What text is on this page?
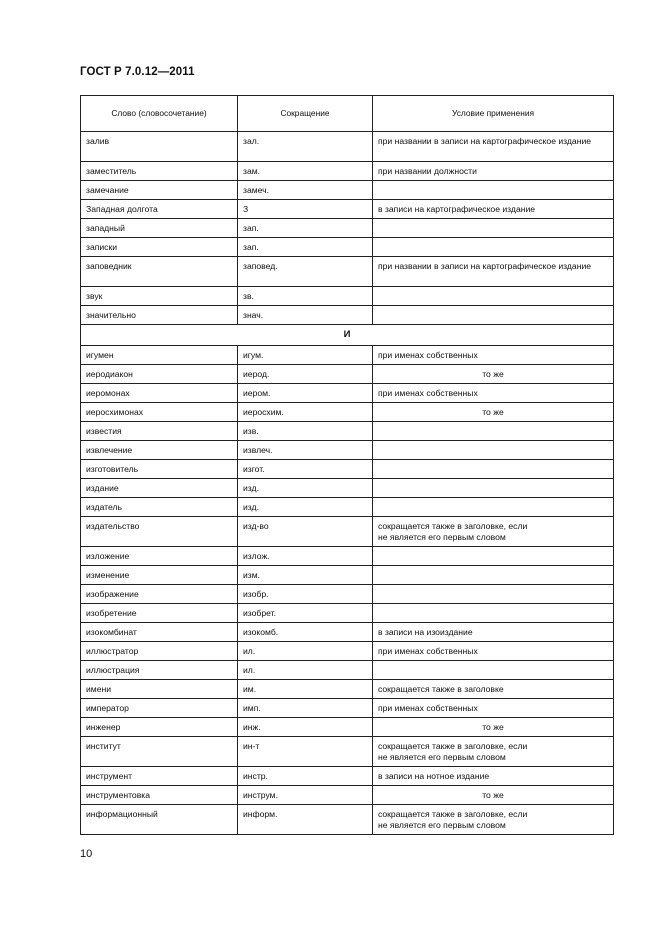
ГОСТ Р 7.0.12—2011
Слово (словосочетание)	Сокращение	Условие применения
залив	зал.	при названии в записи на картографическое издание
заместитель	зам.	при названии должности
замечание	замеч.	
Западная долгота	З	в записи на картографическое издание
западный	зап.	
записки	зап.	
заповедник	заповед.	при названии в записи на картографическое издание
звук	зв.	
значительно	знач.	
И		
игумен	игум.	при именах собственных
иеродиакон	иерод.	то же
иеромонах	иером.	при именах собственных
иеросхимонах	иеросхим.	то же
известия	изв.	
извлечение	извлеч.	
изготовитель	изгот.	
издание	изд.	
издатель	изд.	
издательство	изд-во	сокращается также в заголовке, если
не является его первым словом

изложение	излож.	
изменение	изм.	
изображение	изобр.	
изобретение	изобрет.	
изокомбинат	изокомб.	в записи на изоиздание
иллюстратор	ил.	при именах собственных
иллюстрация	ил.	
имени	им.	сокращается также в заголовке
император	имп.	при именах собственных
инженер	инж.	то же
институт	ин-т	сокращается также в заголовке, если
не является его первым словом

инструмент	инстр.	в записи на нотное издание
инструментовка	инструм.	то же
информационный	информ.	сокращается также в заголовке, если
не является его первым словом
10
